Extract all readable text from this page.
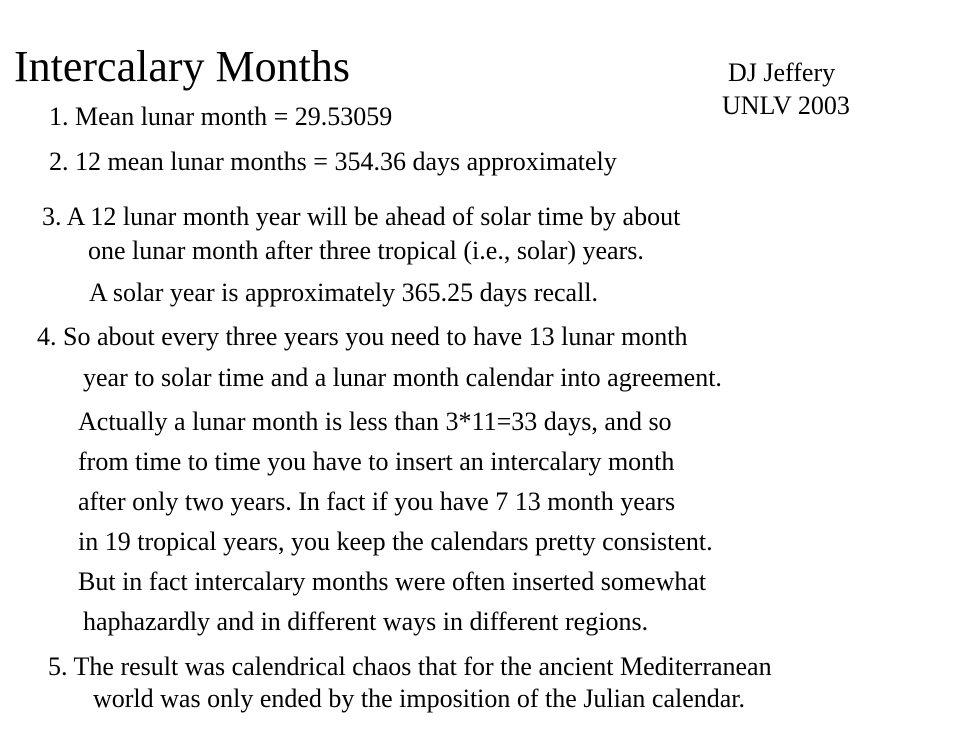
Intercalary Months	DJ Jeffery
UNLV 2003
1. Mean lunar month = 29.53059
2. 12 mean lunar months = 354.36 days approximately
3. A 12 lunar month year will be ahead of solar time by about
one lunar month after three tropical (i.e., solar) years.
A solar year is approximately 365.25 days recall.
4. So about every three years you need to have 13 lunar month
year to solar time and a lunar month calendar into agreement.
Actually a lunar month is less than 3*11=33 days, and so
from time to time you have to insert an intercalary month
after only two years. In fact if you have 7 13 month years
in 19 tropical years, you keep the calendars pretty consistent.
But in fact intercalary months were often inserted somewhat
haphazardly and in different ways in different regions.
5. The result was calendrical chaos that for the ancient Mediterranean
world was only ended by the imposition of the Julian calendar.
